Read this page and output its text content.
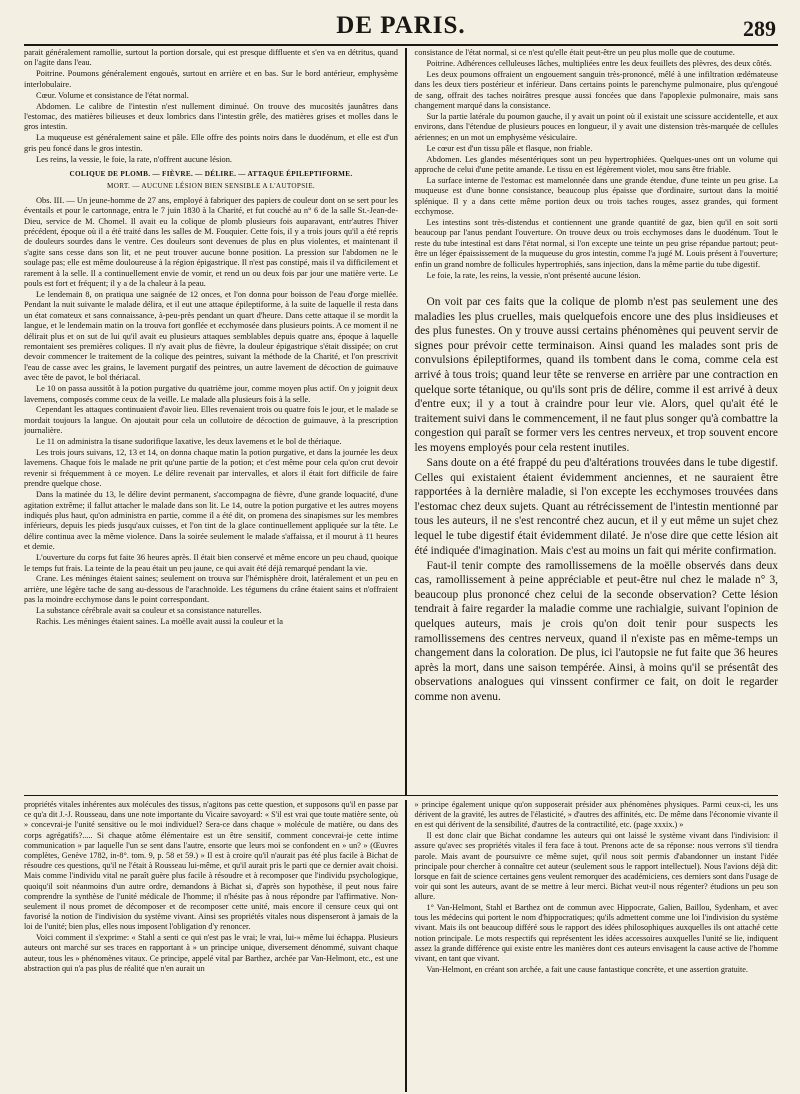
DE PARIS.	289

parait généralement ramollie, surtout la portion dorsale, qui est presque diffluente et s'en va en détritus, quand on l'agite dans l'eau.

Poitrine. Poumons généralement engoués, surtout en arrière et en bas. Sur le bord antérieur, emphysème interlobulaire.

Cœur. Volume et consistance de l'état normal.

Abdomen. Le calibre de l'intestin n'est nullement diminué. On trouve des mucosités jaunâtres dans l'estomac, des matières bilieuses et deux lombrics dans l'intestin grêle, des matières grises et molles dans le gros intestin.

La muqueuse est généralement saine et pâle. Elle offre des points noirs dans le duodénum, et elle est d'un gris peu foncé dans le gros intestin.

Les reins, la vessie, le foie, la rate, n'offrent aucune lésion.

COLIQUE DE PLOMB. — FIÈVRE. — DÉLIRE. — ATTAQUE ÉPILEPTIFORME.

MORT. — AUCUNE LÉSION BIEN SENSIBLE A L'AUTOPSIE.

Obs. III. — Un jeune-homme de 27 ans, employé à fabriquer des papiers de couleur dont on se sert pour les éventails et pour le cartonnage, entra le 7 juin 1830 à la Charité, et fut couché au n° 6 de la salle St.-Jean-de-Dieu, service de M. Chomel. Il avait eu la colique de plomb plusieurs fois auparavant, entr'autres l'hiver précédent, époque où il a été traité dans les salles de M. Fouquier. Cette fois, il y a trois jours qu'il a été repris de douleurs sourdes dans le ventre. Ces douleurs sont devenues de plus en plus violentes, et maintenant il s'agite sans cesse dans son lit, et ne peut trouver aucune bonne position. La pression sur l'abdomen ne le soulage pas; elle est même douloureuse à la région épigastrique. Il n'est pas constipé, mais il va difficilement et rarement à la selle. Il a continuellement envie de vomir, et rend un ou deux fois par jour une matière verte. Le pouls est fort et fréquent; il y a de la chaleur à la peau.

Le lendemain 8, on pratiqua une saignée de 12 onces, et l'on donna pour boisson de l'eau d'orge miellée. Pendant la nuit suivante le malade délira, et il eut une attaque épileptiforme, à la suite de laquelle il resta dans un état comateux et sans connaissance, à-peu-près pendant un quart d'heure. Dans cette attaque il se mordit la langue, et le lendemain matin on la trouva fort gonflée et ecchymosée dans plusieurs points. A ce moment il ne délirait plus et on sut de lui qu'il avait eu plusieurs attaques semblables depuis quatre ans, époque à laquelle remontaient ses premières coliques. Il n'y avait plus de fièvre, la douleur épigastrique s'était dissipée; on crut devoir commencer le traitement de la colique des peintres, suivant la méthode de la Charité, et l'on prescrivit l'eau de casse avec les grains, le lavement purgatif des peintres, un autre lavement de décoction de guimauve avec tête de pavot, le bol thériacal.

Le 10 on passa aussitôt à la potion purgative du quatrième jour, comme moyen plus actif. On y joignit deux lavemens, composés comme ceux de la veille. Le malade alla plusieurs fois à la selle.

Cependant les attaques continuaient d'avoir lieu. Elles revenaient trois ou quatre fois le jour, et le malade se mordait toujours la langue. On ajoutait pour cela un collutoire de décoction de guimauve, à la prescription journalière.

Le 11 on administra la tisane sudorifique laxative, les deux lavemens et le bol de thériaque.

Les trois jours suivans, 12, 13 et 14, on donna chaque matin la potion purgative, et dans la journée les deux lavemens. Chaque fois le malade ne prit qu'une partie de la potion; et c'est même pour cela qu'on crut devoir revenir si fréquemment à ce moyen. Le délire revenait par intervalles, et alors il était fort difficile de faire prendre quelque chose.

Dans la matinée du 13, le délire devint permanent, s'accompagna de fièvre, d'une grande loquacité, d'une agitation extrême; il fallut attacher le malade dans son lit. Le 14, outre la potion purgative et les autres moyens indiqués plus haut, qu'on administra en partie, comme il a été dit, on promena des sinapismes sur les membres inférieurs, depuis les pieds jusqu'aux cuisses, et l'on tint de la glace continuellement appliquée sur la tête. Le délire continua avec la même violence. Dans la soirée seulement le malade s'affaissa, et il mourut à 11 heures et demie.

L'ouverture du corps fut faite 36 heures après. Il était bien conservé et même encore un peu chaud, quoique le temps fut frais. La teinte de la peau était un peu jaune, ce qui avait été déjà remarqué pendant la vie.

Crane. Les méninges étaient saines; seulement on trouva sur l'hémisphère droit, latéralement et un peu en arrière, une légère tache de sang au-dessous de l'arachnoïde. Les tégumens du crâne étaient sains et n'offraient pas la moindre ecchymose dans le point correspondant.

La substance cérébrale avait sa couleur et sa consistance naturelles.

Rachis. Les méninges étaient saines. La moëlle avait aussi la couleur et la

consistance de l'état normal, si ce n'est qu'elle était peut-être un peu plus molle que de coutume.

Poitrine. Adhérences celluleuses lâches, multipliées entre les deux feuillets des plèvres, des deux côtés.

Les deux poumons offraient un engouement sanguin très-prononcé, mêlé à une infiltration œdémateuse dans les deux tiers postérieur et inférieur. Dans certains points le parenchyme pulmonaire, plus qu'engoué de sang, offrait des taches noirâtres presque aussi foncées que dans l'apoplexie pulmonaire, mais sans changement marqué dans la consistance.

Sur la partie latérale du poumon gauche, il y avait un point où il existait une scissure accidentelle, et aux environs, dans l'étendue de plusieurs pouces en longueur, il y avait une distension très-marquée de cellules aériennes; en un mot un emphysème vésiculaire.

Le cœur est d'un tissu pâle et flasque, non friable.

Abdomen. Les glandes mésentériques sont un peu hypertrophiées. Quelques-unes ont un volume qui approche de celui d'une petite amande. Le tissu en est légèrement violet, mou sans être friable.

La surface interne de l'estomac est mamelonnée dans une grande étendue, d'une teinte un peu grise. La muqueuse est d'une bonne consistance, beaucoup plus épaisse que d'ordinaire, surtout dans la moitié splénique. Il y a dans cette même portion deux ou trois taches rouges, assez grandes, qui forment ecchymose.

Les intestins sont très-distendus et contiennent une grande quantité de gaz, bien qu'il en soit sorti beaucoup par l'anus pendant l'ouverture. On trouve deux ou trois ecchymoses dans le duodénum. Tout le reste du tube intestinal est dans l'état normal, si l'on excepte une teinte un peu grise répandue partout; peut-être un léger épaississement de la muqueuse du gros intestin, comme l'a jugé M. Louis présent à l'ouverture; enfin un grand nombre de follicules hypertrophiés, sans injection, dans la même partie du tube digestif.

Le foie, la rate, les reins, la vessie, n'ont présenté aucune lésion.

On voit par ces faits que la colique de plomb n'est pas seulement une des maladies les plus cruelles, mais quelquefois encore une des plus insidieuses et des plus funestes. On y trouve aussi certains phénomènes qui peuvent servir de signes pour prévoir cette terminaison. Ainsi quand les malades sont pris de convulsions épileptiformes, quand ils tombent dans le coma, comme cela est arrivé à tous trois; quand leur tête se renverse en arrière par une contraction en quelque sorte tétanique, ou qu'ils sont pris de délire, comme il est arrivé à deux d'entre eux; il y a tout à craindre pour leur vie. Alors, quel qu'ait été le traitement suivi dans le commencement, il ne faut plus songer qu'à combattre la congestion qui paraît se former vers les centres nerveux, et trop souvent encore les moyens employés pour cela restent inutiles.

Sans doute on a été frappé du peu d'altérations trouvées dans le tube digestif. Celles qui existaient étaient évidemment anciennes, et ne sauraient être rapportées à la dernière maladie, si l'on excepte les ecchymoses trouvées dans l'estomac chez deux sujets. Quant au rétrécissement de l'intestin mentionné par tous les auteurs, il ne s'est rencontré chez aucun, et il y eut même un sujet chez lequel le tube digestif était évidemment dilaté. Je n'ose dire que cette lésion ait été indiquée d'imagination. Mais c'est au moins un fait qui mérite confirmation.

Faut-il tenir compte des ramollissemens de la moëlle observés dans deux cas, ramollissement à peine appréciable et peut-être nul chez le malade n° 3, beaucoup plus prononcé chez celui de la seconde observation? Cette lésion tendrait à faire regarder la maladie comme une rachialgie, suivant l'opinion de quelques auteurs, mais je crois qu'on doit tenir pour suspects les ramollissemens des centres nerveux, quand il n'existe pas en même-temps un changement dans la coloration. De plus, ici l'autopsie ne fut faite que 36 heures après la mort, dans une saison tempérée. Ainsi, à moins qu'il se présentât des observations analogues qui vinssent confirmer ce fait, on doit le regarder comme non avenu.

propriétés vitales inhérentes aux molécules des tissus, n'agitons pas cette question, et supposons qu'il en passe par ce qu'a dit J.-J. Rousseau, dans une note importante du Vicaire savoyard: « S'il est vrai que toute matière sente, où » concevrai-je l'unité sensitive ou le moi individuel? Sera-ce dans chaque » molécule de matière, ou dans des corps agrégatifs?..... Si chaque atôme élémentaire est un être sensitif, comment concevrai-je cette intime communication » par laquelle l'un se sent dans l'autre, ensorte que leurs moi se confondent en » un? » (Œuvres complètes, Genève 1782, in-8°. tom. 9, p. 58 et 59.) » Il est à croire qu'il n'aurait pas été plus facile à Bichat de résoudre ces questions, qu'il ne l'était à Rousseau lui-même, et qu'il aurait pris le parti que ce dernier avait choisi. Mais comme l'individu vital ne paraît guère plus facile à résoudre et à recomposer que l'individu psychologique, quoiqu'il soit néanmoins d'un autre ordre, demandons à Bichat si, d'après son hypothèse, il peut nous faire comprendre la synthèse de l'unité médicale de l'homme; il n'hésite pas à nous répondre par l'affirmative. Non-seulement il nous promet de décomposer et de recomposer cette unité, mais encore il censure ceux qui ont favorisé la notion de l'indivision du système vivant. Ainsi ses propriétés vitales nous dispenseront à jamais de la loi de l'unité; bien plus, elles nous imposent l'obligation d'y renoncer.

Voici comment il s'exprime: « Stahl a senti ce qui n'est pas le vrai; le vrai, lui-» même lui échappa. Plusieurs auteurs ont marché sur ses traces en rapportant à » un principe unique, diversement dénommé, suivant chaque auteur, tous les » phénomènes vitaux. Ce principe, appelé vital par Barthez, archée par Van-Helmont, etc., est une abstraction qui n'a pas plus de réalité que n'en aurait un

» principe également unique qu'on supposerait présider aux phénomènes physiques. Parmi ceux-ci, les uns dérivent de la gravité, les autres de l'élasticité, » d'autres des affinités, etc. De même dans l'économie vivante il en est qui dérivent de la sensibilité, d'autres de la contractilité, etc. (page xxxix.) »

Il est donc clair que Bichat condamne les auteurs qui ont laissé le système vivant dans l'indivision: il assure qu'avec ses propriétés vitales il fera face à tout. Prenons acte de sa réponse: nous verrons s'il tiendra parole. Mais avant de poursuivre ce même sujet, qu'il nous soit permis d'abandonner un instant l'idée principale pour chercher à connaître cet auteur (seulement sous le rapport intellectuel). Nous l'avions déjà dit: lorsque en fait de science certaines gens veulent remorquer des académiciens, ces derniers sont dans l'usage de voir qui sont les auteurs, avant de se mettre à leur merci. Bichat veut-il nous régenter? étudions un peu son allure.

1° Van-Helmont, Stahl et Barthez ont de commun avec Hippocrate, Galien, Baillou, Sydenham, et avec tous les médecins qui portent le nom d'hippocratiques; qu'ils admettent comme une loi l'indivision du système vivant. Mais ils ont beaucoup différé sous le rapport des idées philosophiques auxquelles ils ont attaché cette notion principale. Le mots respectifs qui représentent les idées accessoires auxquelles l'unité se lie, indiquent assez la grande différence qui existe entre les manières dont ces auteurs envisagent la cause active de l'homme vivant, en tant que vivant.

Van-Helmont, en créant son archée, a fait une cause fantastique concrète, et une assertion gratuite.
